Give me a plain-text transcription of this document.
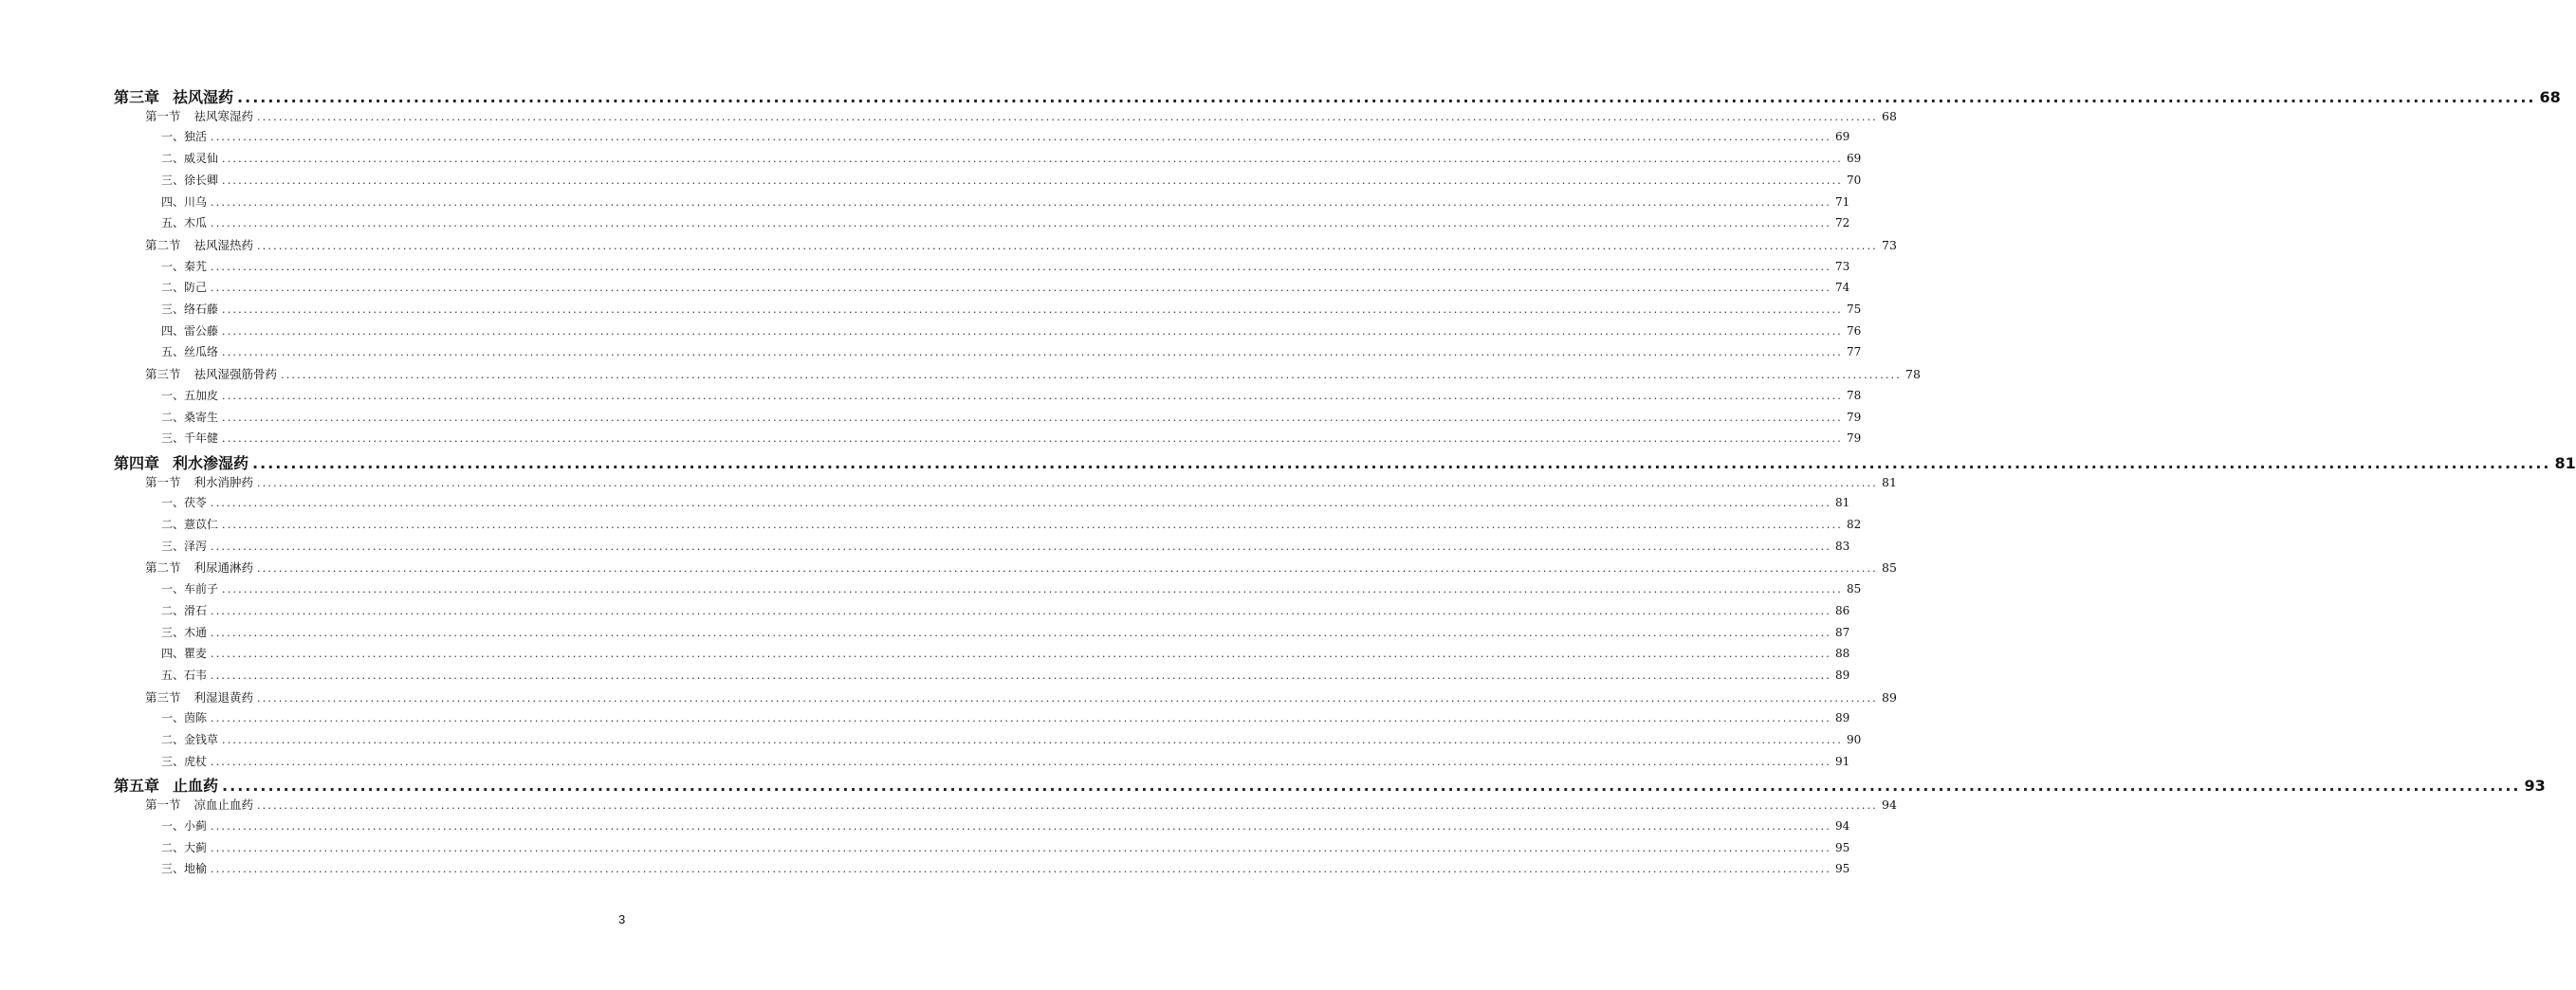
第三章 祛风湿药 ............................................................................................................................................................................................................................................................................................................ 68
第一节 祛风寒湿药 ............................................................................................................................................................................................................................................................................................................ 68
一、独活 ............................................................................................................................................................................................................................................................................................................ 69
二、威灵仙 ............................................................................................................................................................................................................................................................................................................ 69
三、徐长卿 ............................................................................................................................................................................................................................................................................................................ 70
四、川乌 ............................................................................................................................................................................................................................................................................................................ 71
五、木瓜 ............................................................................................................................................................................................................................................................................................................ 72
第二节 祛风湿热药 ............................................................................................................................................................................................................................................................................................................ 73
一、秦艽 ............................................................................................................................................................................................................................................................................................................ 73
二、防己 ............................................................................................................................................................................................................................................................................................................ 74
三、络石藤 ............................................................................................................................................................................................................................................................................................................ 75
四、雷公藤 ............................................................................................................................................................................................................................................................................................................ 76
五、丝瓜络 ............................................................................................................................................................................................................................................................................................................ 77
第三节 祛风湿强筋骨药 ............................................................................................................................................................................................................................................................................................................ 78
一、五加皮 ............................................................................................................................................................................................................................................................................................................ 78
二、桑寄生 ............................................................................................................................................................................................................................................................................................................ 79
三、千年健 ............................................................................................................................................................................................................................................................................................................ 79
第四章 利水渗湿药 ............................................................................................................................................................................................................................................................................................................ 81
第一节 利水消肿药 ............................................................................................................................................................................................................................................................................................................ 81
一、茯苓 ............................................................................................................................................................................................................................................................................................................ 81
二、薏苡仁 ............................................................................................................................................................................................................................................................................................................ 82
三、泽泻 ............................................................................................................................................................................................................................................................................................................ 83
第二节 利尿通淋药 ............................................................................................................................................................................................................................................................................................................ 85
一、车前子 ............................................................................................................................................................................................................................................................................................................ 85
二、滑石 ............................................................................................................................................................................................................................................................................................................ 86
三、木通 ............................................................................................................................................................................................................................................................................................................ 87
四、瞿麦 ............................................................................................................................................................................................................................................................................................................ 88
五、石韦 ............................................................................................................................................................................................................................................................................................................ 89
第三节 利湿退黄药 ............................................................................................................................................................................................................................................................................................................ 89
一、茵陈 ............................................................................................................................................................................................................................................................................................................ 89
二、金钱草 ............................................................................................................................................................................................................................................................................................................ 90
三、虎杖 ............................................................................................................................................................................................................................................................................................................ 91
第五章 止血药 ............................................................................................................................................................................................................................................................................................................ 93
第一节 凉血止血药 ............................................................................................................................................................................................................................................................................................................ 94
一、小蓟 ............................................................................................................................................................................................................................................................................................................ 94
二、大蓟 ............................................................................................................................................................................................................................................................................................................ 95
三、地榆 ............................................................................................................................................................................................................................................................................................................ 95
3
